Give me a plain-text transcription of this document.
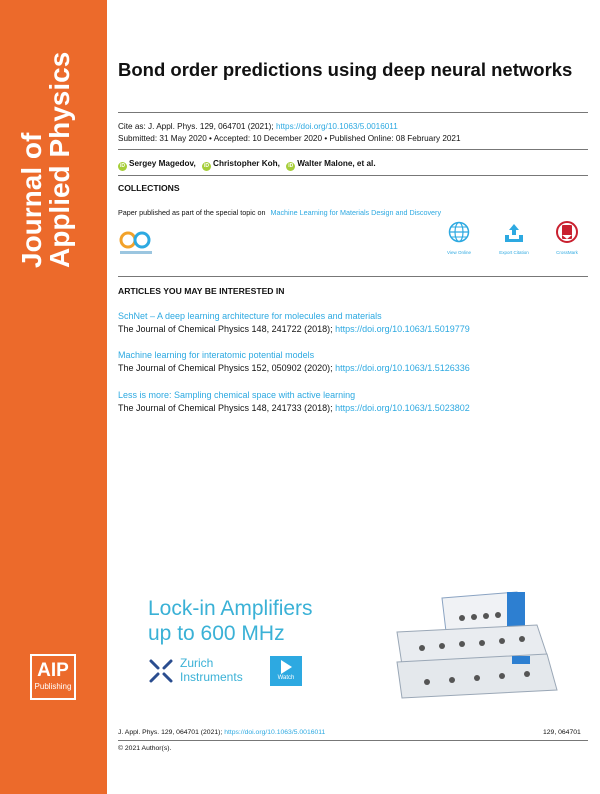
Journal of
Applied Physics
AIP
Publishing
Bond order predictions using deep neural networks
Cite as: J. Appl. Phys. 129, 064701 (2021); https://doi.org/10.1063/5.0016011
Submitted: 31 May 2020 • Accepted: 10 December 2020 • Published Online: 08 February 2021
iD Sergey Magedov, iD Christopher Koh, iD Walter Malone, et al.
COLLECTIONS
Paper published as part of the special topic on Machine Learning for Materials Design and Discovery
View Online	Export Citation	CrossMark
ARTICLES YOU MAY BE INTERESTED IN
SchNet – A deep learning architecture for molecules and materials
The Journal of Chemical Physics 148, 241722 (2018); https://doi.org/10.1063/1.5019779
Machine learning for interatomic potential models
The Journal of Chemical Physics 152, 050902 (2020); https://doi.org/10.1063/1.5126336
Less is more: Sampling chemical space with active learning
The Journal of Chemical Physics 148, 241733 (2018); https://doi.org/10.1063/1.5023802
Lock-in Amplifiers
up to 600 MHz
Zurich
Instruments	Watch
J. Appl. Phys. 129, 064701 (2021); https://doi.org/10.1063/5.0016011	129, 064701
© 2021 Author(s).
